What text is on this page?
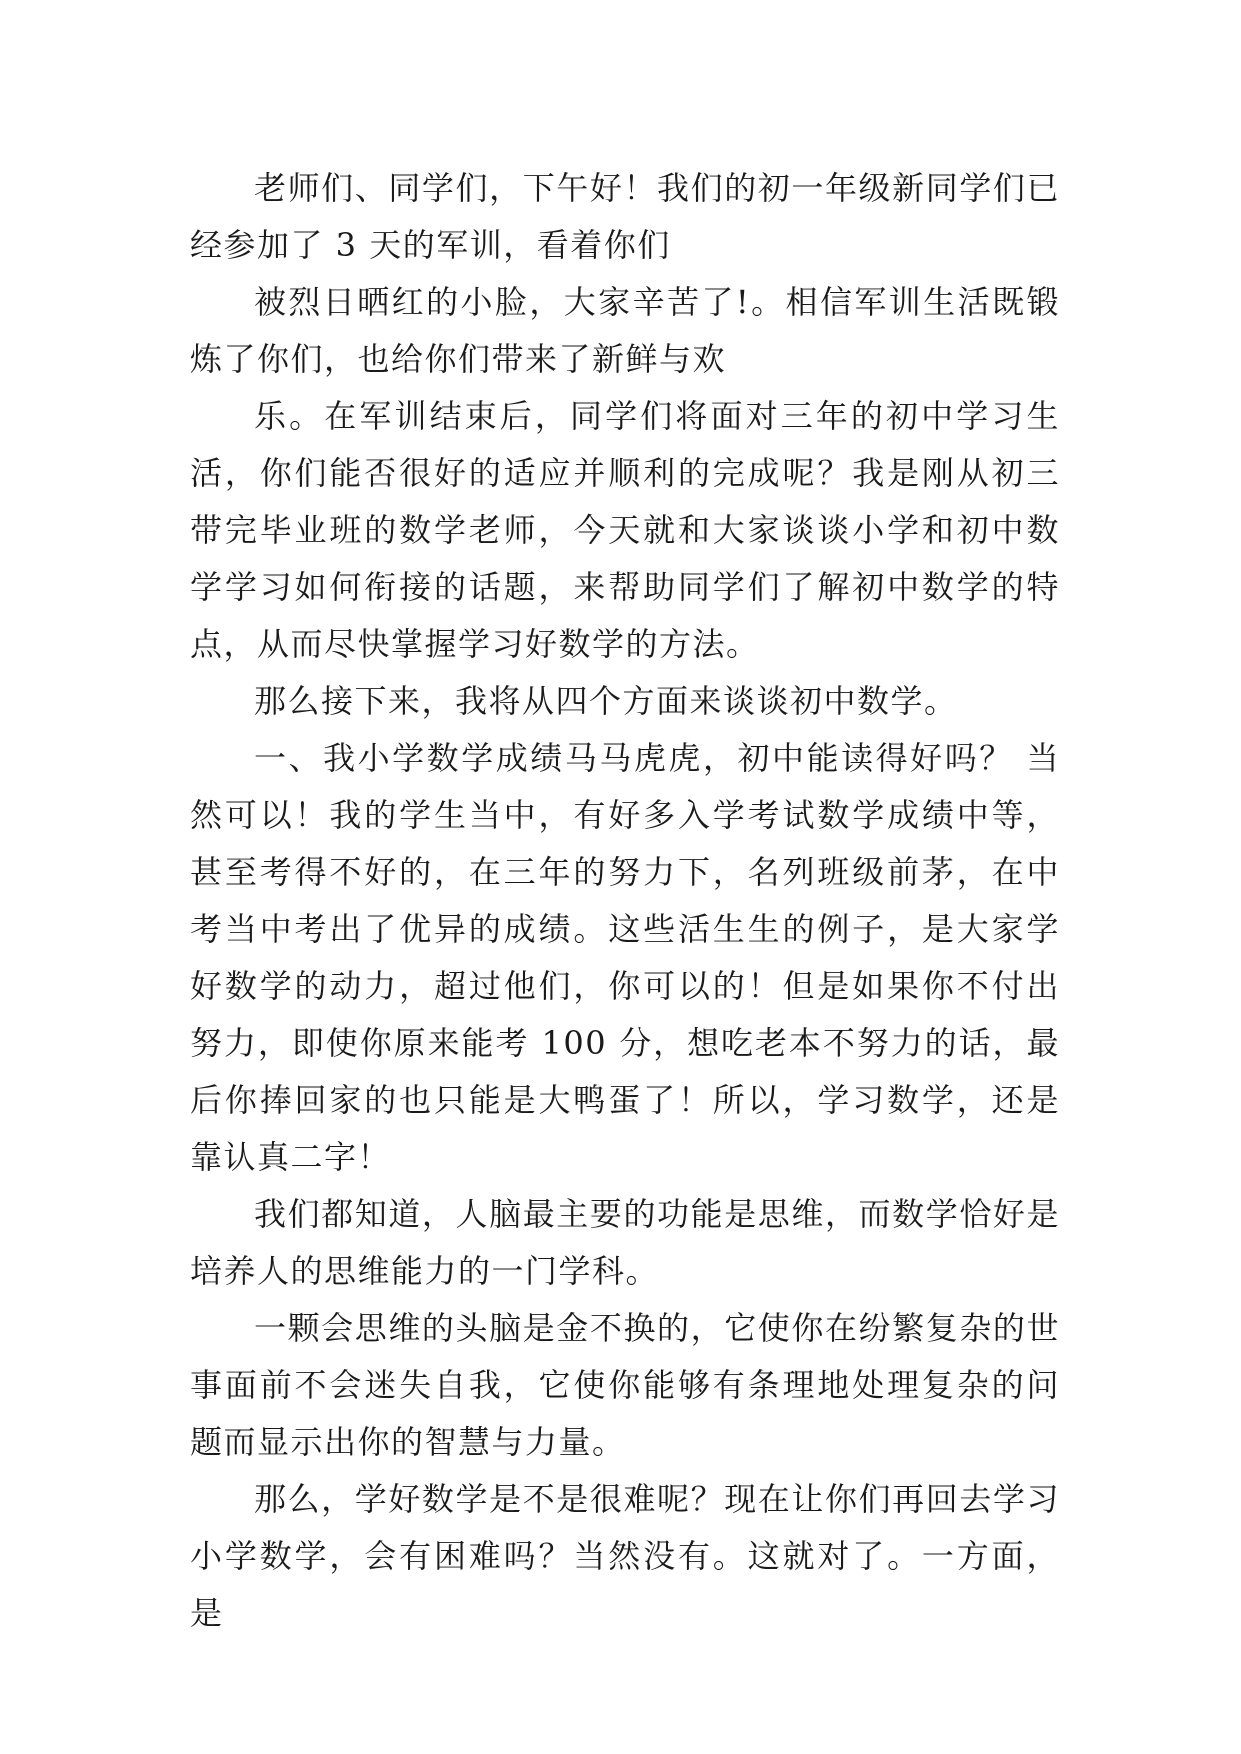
老师们、同学们，下午好！我们的初一年级新同学们已经参加了 3 天的军训，看着你们

被烈日晒红的小脸，大家辛苦了!。相信军训生活既锻炼了你们，也给你们带来了新鲜与欢

乐。在军训结束后，同学们将面对三年的初中学习生活，你们能否很好的适应并顺利的完成呢？我是刚从初三带完毕业班的数学老师，今天就和大家谈谈小学和初中数学学习如何衔接的话题，来帮助同学们了解初中数学的特点，从而尽快掌握学习好数学的方法。

那么接下来，我将从四个方面来谈谈初中数学。

一、我小学数学成绩马马虎虎，初中能读得好吗？ 当然可以！我的学生当中，有好多入学考试数学成绩中等，甚至考得不好的，在三年的努力下，名列班级前茅，在中考当中考出了优异的成绩。这些活生生的例子，是大家学好数学的动力，超过他们，你可以的！但是如果你不付出努力，即使你原来能考 100 分，想吃老本不努力的话，最后你捧回家的也只能是大鸭蛋了！所以，学习数学，还是靠认真二字！

我们都知道，人脑最主要的功能是思维，而数学恰好是培养人的思维能力的一门学科。

一颗会思维的头脑是金不换的，它使你在纷繁复杂的世事面前不会迷失自我，它使你能够有条理地处理复杂的问题而显示出你的智慧与力量。

那么，学好数学是不是很难呢？现在让你们再回去学习小学数学，会有困难吗？当然没有。这就对了。一方面，是
